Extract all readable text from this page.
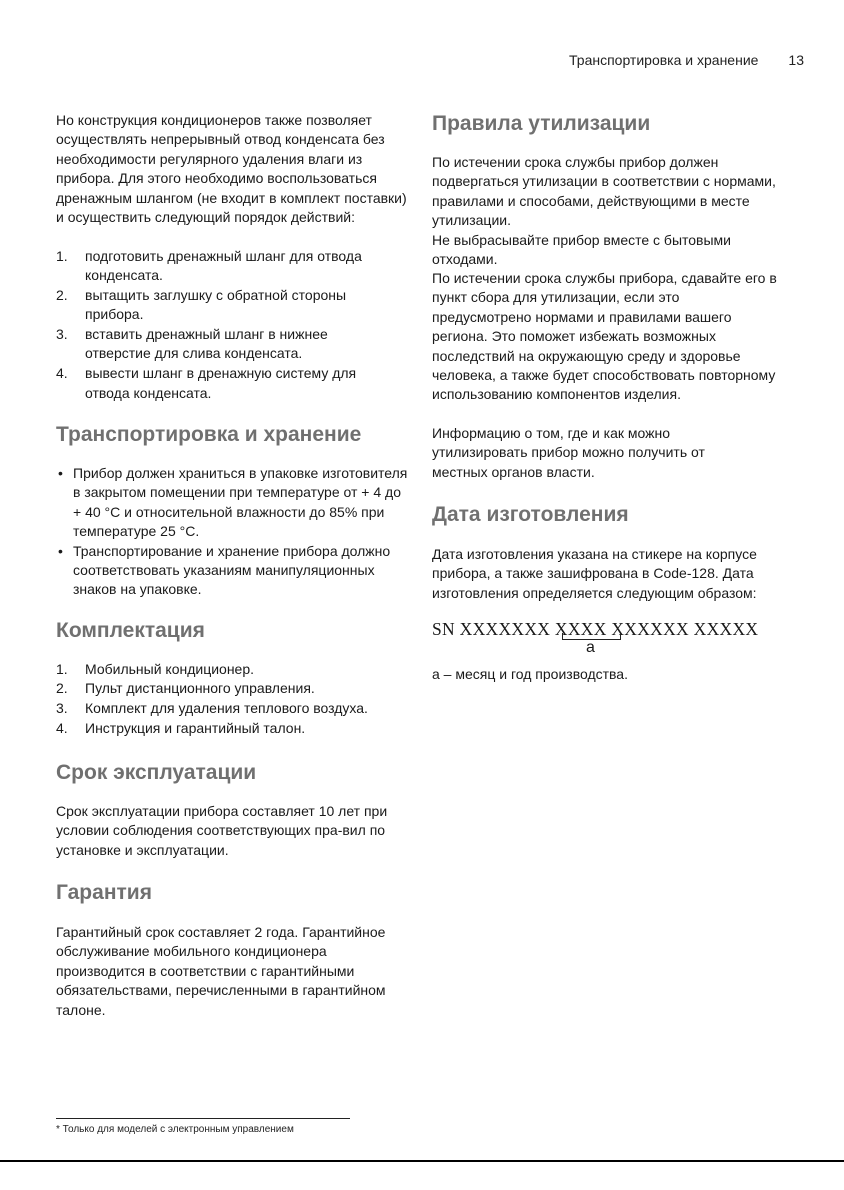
Транспортировка и хранение 13

Но конструкция кондиционеров также позволяет осуществлять непрерывный отвод конденсата без необходимости регулярного удаления влаги из прибора. Для этого необходимо воспользоваться дренажным шлангом (не входит в комплект поставки) и осуществить следующий порядок действий:

1. подготовить дренажный шланг для отвода конденсата.
2. вытащить заглушку с обратной стороны прибора.
3. вставить дренажный шланг в нижнее отверстие для слива конденсата.
4. вывести шланг в дренажную систему для отвода конденсата.
Транспортировка и хранение
• Прибор должен храниться в упаковке изготовителя в закрытом помещении при температуре от + 4 до + 40 °С и относительной влажности до 85% при температуре 25 °С.
• Транспортирование и хранение прибора должно соответствовать указаниям манипуляционных знаков на упаковке.
Комплектация
1. Мобильный кондиционер.
2. Пульт дистанционного управления.
3. Комплект для удаления теплового воздуха.
4. Инструкция и гарантийный талон.
Срок эксплуатации

Срок эксплуатации прибора составляет 10 лет при условии соблюдения соответствующих пра-вил по установке и эксплуатации.

Гарантия

Гарантийный срок составляет 2 года. Гарантийное обслуживание мобильного кондиционера производится в соответствии с гарантийными обязательствами, перечисленными в гарантийном талоне.

Правила утилизации

По истечении срока службы прибор должен подвергаться утилизации в соответствии с нормами, правилами и способами, действующими в месте утилизации.

Не выбрасывайте прибор вместе с бытовыми отходами.

По истечении срока службы прибора, сдавайте его в пункт сбора для утилизации, если это предусмотрено нормами и правилами вашего региона. Это поможет избежать возможных последствий на окружающую среду и здоровье человека, а также будет способствовать повторному использованию компонентов изделия.

Информацию о том, где и как можно утилизировать прибор можно получить от местных органов власти.

Дата изготовления

Дата изготовления указана на стикере на корпусе прибора, а также зашифрована в Code-128. Дата изготовления определяется следующим образом:

SN XXXXXXX XXXX XXXXXX XXXXX
a

а – месяц и год производства.

* Только для моделей с электронным управлением
